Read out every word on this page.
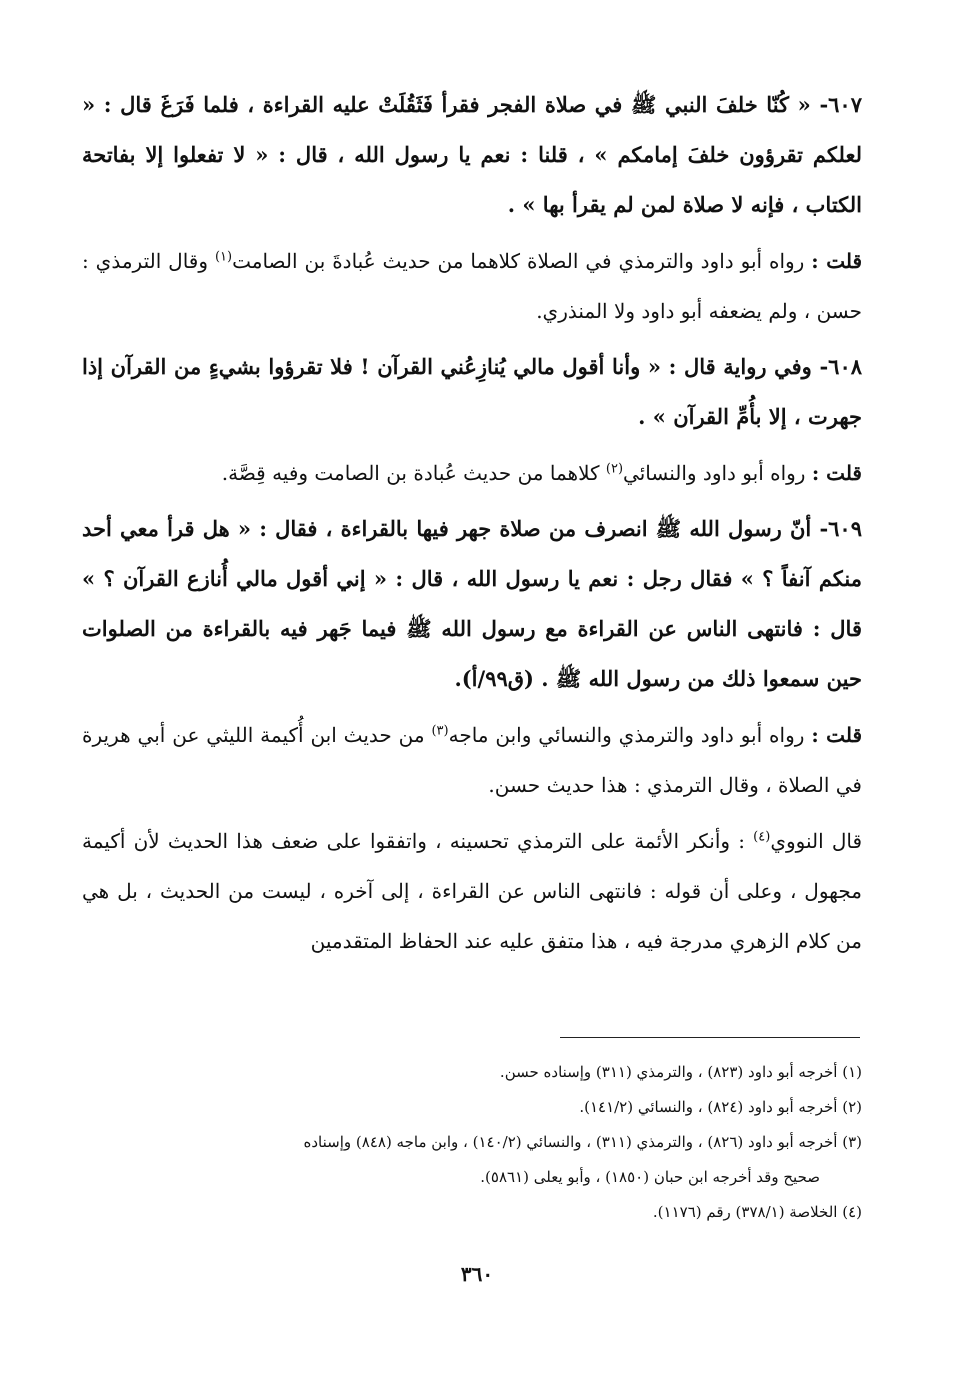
٦٠٧- « كُنّا خلفَ النبي ﷺ في صلاة الفجر فقرأ فَثَقُلَتْ عليه القراءة ، فلما فَرَغَ قال : « لعلكم تقرؤون خلفَ إمامكم » ، قلنا : نعم يا رسول الله ، قال : « لا تفعلوا إلا بفاتحة الكتاب ، فإنه لا صلاة لمن لم يقرأ بها » .

قلت : رواه أبو داود والترمذي في الصلاة كلاهما من حديث عُبادةَ بن الصامت$^{(١)}$ وقال الترمذي : حسن ، ولم يضعفه أبو داود ولا المنذري.

٦٠٨- وفي رواية قال : « وأنا أقول مالي يُنازِعُني القرآن ! فلا تقرؤوا بشيءٍ من القرآن إذا جهرت ، إلا بأُمِّ القرآن » .

قلت : رواه أبو داود والنسائي$^{(٢)}$ كلاهما من حديث عُبادة بن الصامت وفيه قِصَّة.

٦٠٩- أنّ رسول الله ﷺ انصرف من صلاة جهر فيها بالقراءة ، فقال : « هل قرأ معي أحد منكم آنفاً ؟ » فقال رجل : نعم يا رسول الله ، قال : « إني أقول مالي أُنازع القرآن ؟ » قال : فانتهى الناس عن القراءة مع رسول الله ﷺ فيما جَهر فيه بالقراءة من الصلوات حين سمعوا ذلك من رسول الله ﷺ . (ق٩٩/أ).

قلت : رواه أبو داود والترمذي والنسائي وابن ماجه$^{(٣)}$ من حديث ابن أُكيمة الليثي عن أبي هريرة في الصلاة ، وقال الترمذي : هذا حديث حسن.

قال النووي$^{(٤)}$ : وأنكر الأئمة على الترمذي تحسينه ، واتفقوا على ضعف هذا الحديث لأن أكيمة مجهول ، وعلى أن قوله : فانتهى الناس عن القراءة ، إلى آخره ، ليست من الحديث ، بل هي من كلام الزهري مدرجة فيه ، هذا متفق عليه عند الحفاظ المتقدمين

(١) أخرجه أبو داود (٨٢٣) ، والترمذي (٣١١) وإسناده حسن.

(٢) أخرجه أبو داود (٨٢٤) ، والنسائي (١٤١/٢).

(٣) أخرجه أبو داود (٨٢٦) ، والترمذي (٣١١) ، والنسائي (١٤٠/٢) ، وابن ماجه (٨٤٨) وإسناده

صحيح وقد أخرجه ابن حبان (١٨٥٠) ، وأبو يعلى (٥٨٦١).

(٤) الخلاصة (٣٧٨/١) رقم (١١٧٦).

٣٦٠
